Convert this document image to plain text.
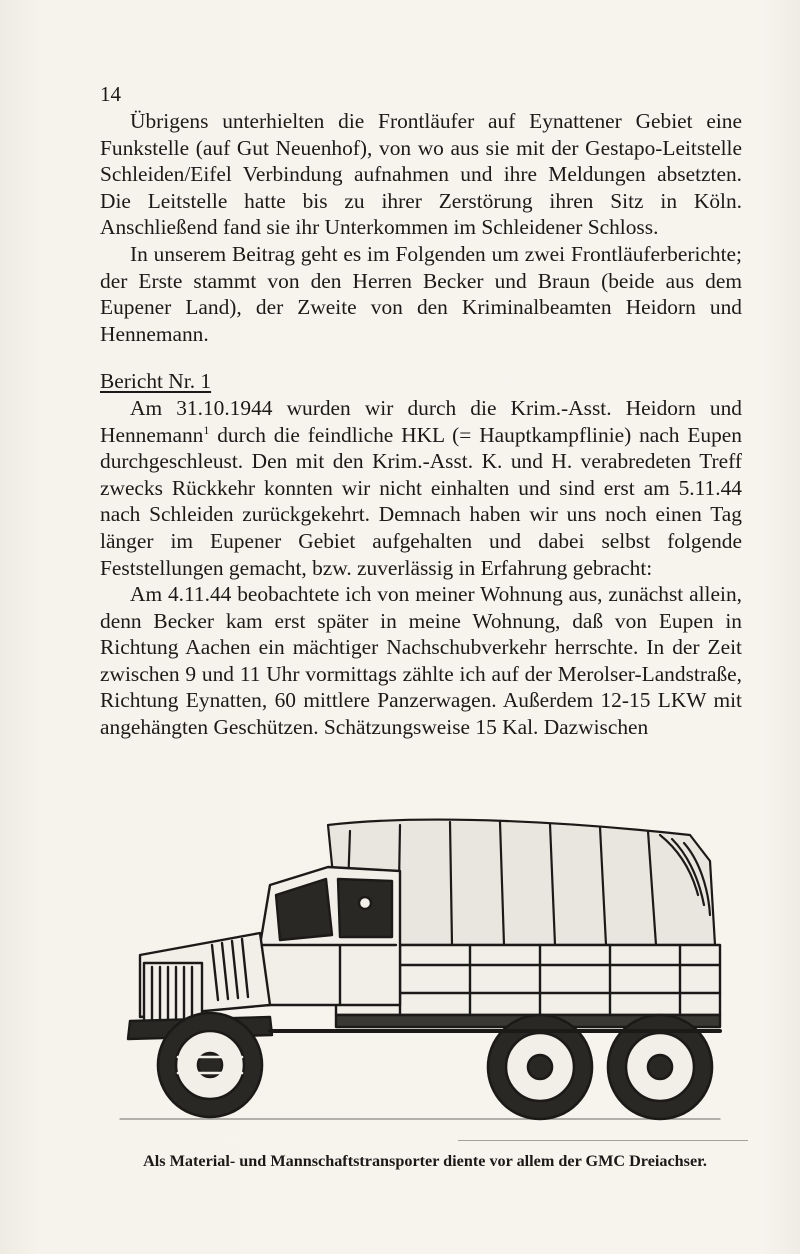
14

Übrigens unterhielten die Frontläufer auf Eynattener Gebiet eine Funkstelle (auf Gut Neuenhof), von wo aus sie mit der Gestapo-Leitstelle Schleiden/Eifel Verbindung aufnahmen und ihre Meldungen absetzten. Die Leitstelle hatte bis zu ihrer Zerstörung ihren Sitz in Köln. Anschließend fand sie ihr Unterkommen im Schleidener Schloss.

In unserem Beitrag geht es im Folgenden um zwei Frontläuferberichte; der Erste stammt von den Herren Becker und Braun (beide aus dem Eupener Land), der Zweite von den Kriminalbeamten Heidorn und Hennemann.

Bericht Nr. 1

Am 31.10.1944 wurden wir durch die Krim.-Asst. Heidorn und Hennemann$^1$ durch die feindliche HKL (= Hauptkampflinie) nach Eupen durchgeschleust. Den mit den Krim.-Asst. K. und H. verabredeten Treff zwecks Rückkehr konnten wir nicht einhalten und sind erst am 5.11.44 nach Schleiden zurückgekehrt. Demnach haben wir uns noch einen Tag länger im Eupener Gebiet aufgehalten und dabei selbst folgende Feststellungen gemacht, bzw. zuverlässig in Erfahrung gebracht:

Am 4.11.44 beobachtete ich von meiner Wohnung aus, zunächst allein, denn Becker kam erst später in meine Wohnung, daß von Eupen in Richtung Aachen ein mächtiger Nachschubverkehr herrschte. In der Zeit zwischen 9 und 11 Uhr vormittags zählte ich auf der Merolser-Landstraße, Richtung Eynatten, 60 mittlere Panzerwagen. Außerdem 12-15 LKW mit angehängten Geschützen. Schätzungsweise 15 Kal. Dazwischen

Als Material- und Mannschaftstransporter diente vor allem der GMC Dreiachser.
